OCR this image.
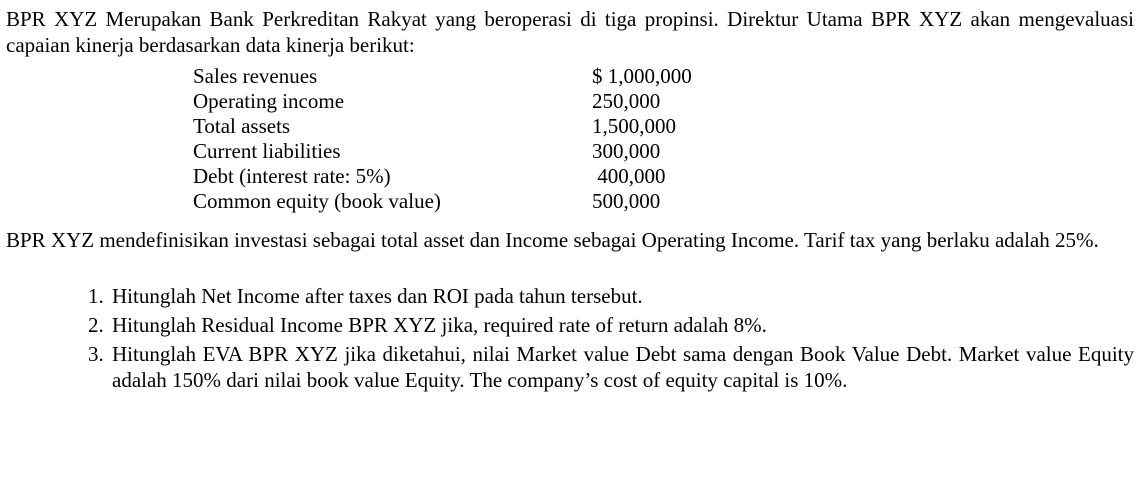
BPR XYZ Merupakan Bank Perkreditan Rakyat yang beroperasi di tiga propinsi. Direktur Utama BPR XYZ akan mengevaluasi capaian kinerja berdasarkan data kinerja berikut:

Sales revenues	$ 1,000,000
Operating income	250,000
Total assets	1,500,000
Current liabilities	300,000
Debt (interest rate: 5%)	400,000
Common equity (book value)	500,000

BPR XYZ mendefinisikan investasi sebagai total asset dan Income sebagai Operating Income. Tarif tax yang berlaku adalah 25%.

1. Hitunglah Net Income after taxes dan ROI pada tahun tersebut.
2. Hitunglah Residual Income BPR XYZ jika, required rate of return adalah 8%.
3. Hitunglah EVA BPR XYZ jika diketahui, nilai Market value Debt sama dengan Book Value Debt. Market value Equity adalah 150% dari nilai book value Equity. The company’s cost of equity capital is 10%.
